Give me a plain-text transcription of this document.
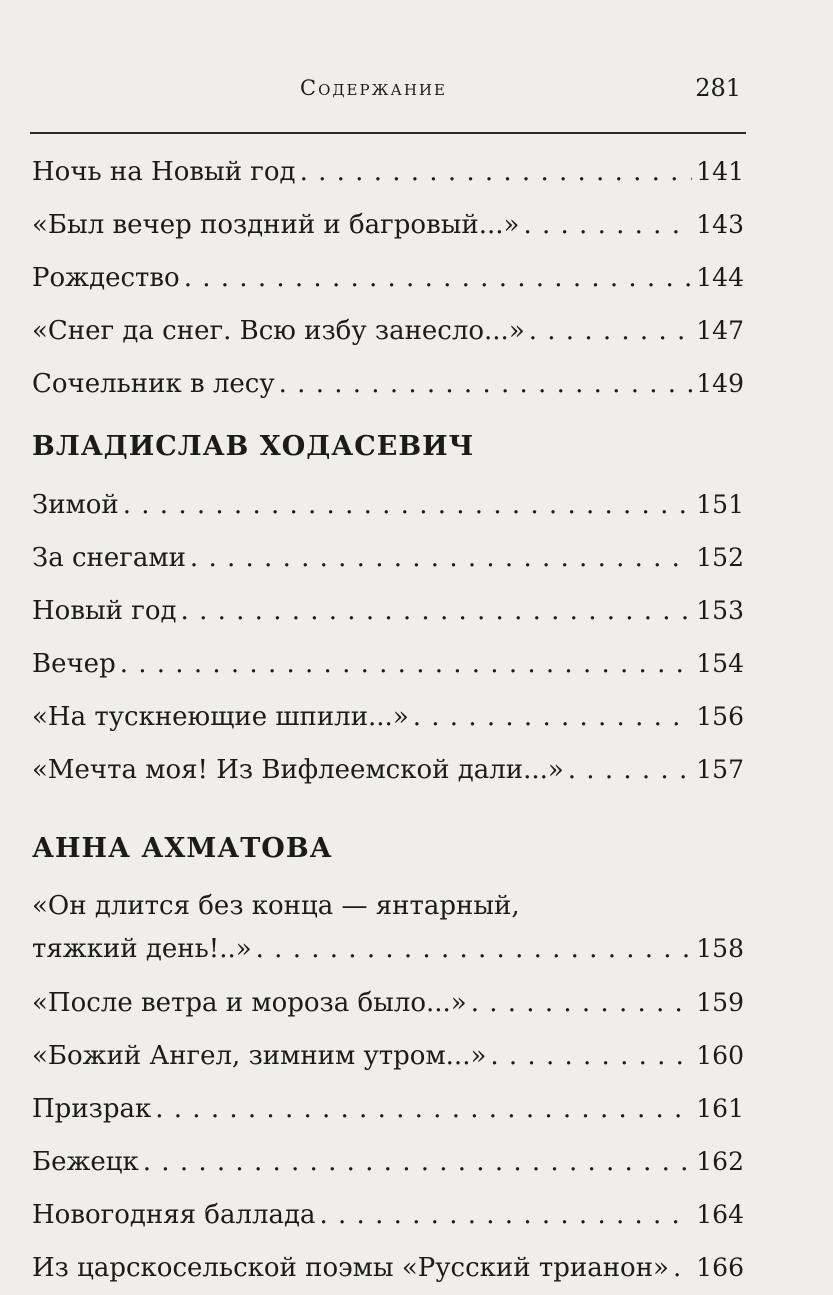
Содержание	281
Ночь на Новый год . . .	141
«Был вечер поздний и багровый...» . . .	143
Рождество . . .	144
«Снег да снег. Всю избу занесло...» . . .	147
Сочельник в лесу . . .	149
ВЛАДИСЛАВ ХОДАСЕВИЧ
Зимой . . .	151
За снегами . . .	152
Новый год . . .	153
Вечер . . .	154
«На тускнеющие шпили...» . . .	156
«Мечта моя! Из Вифлеемской дали...» . . .	157
АННА АХМАТОВА
«Он длится без конца — янтарный,
тяжкий день!..» . . .	158
«После ветра и мороза было...» . . .	159
«Божий Ангел, зимним утром...» . . .	160
Призрак . . .	161
Бежецк . . .	162
Новогодняя баллада . . .	164
Из царскосельской поэмы «Русский трианон» . . . 166
